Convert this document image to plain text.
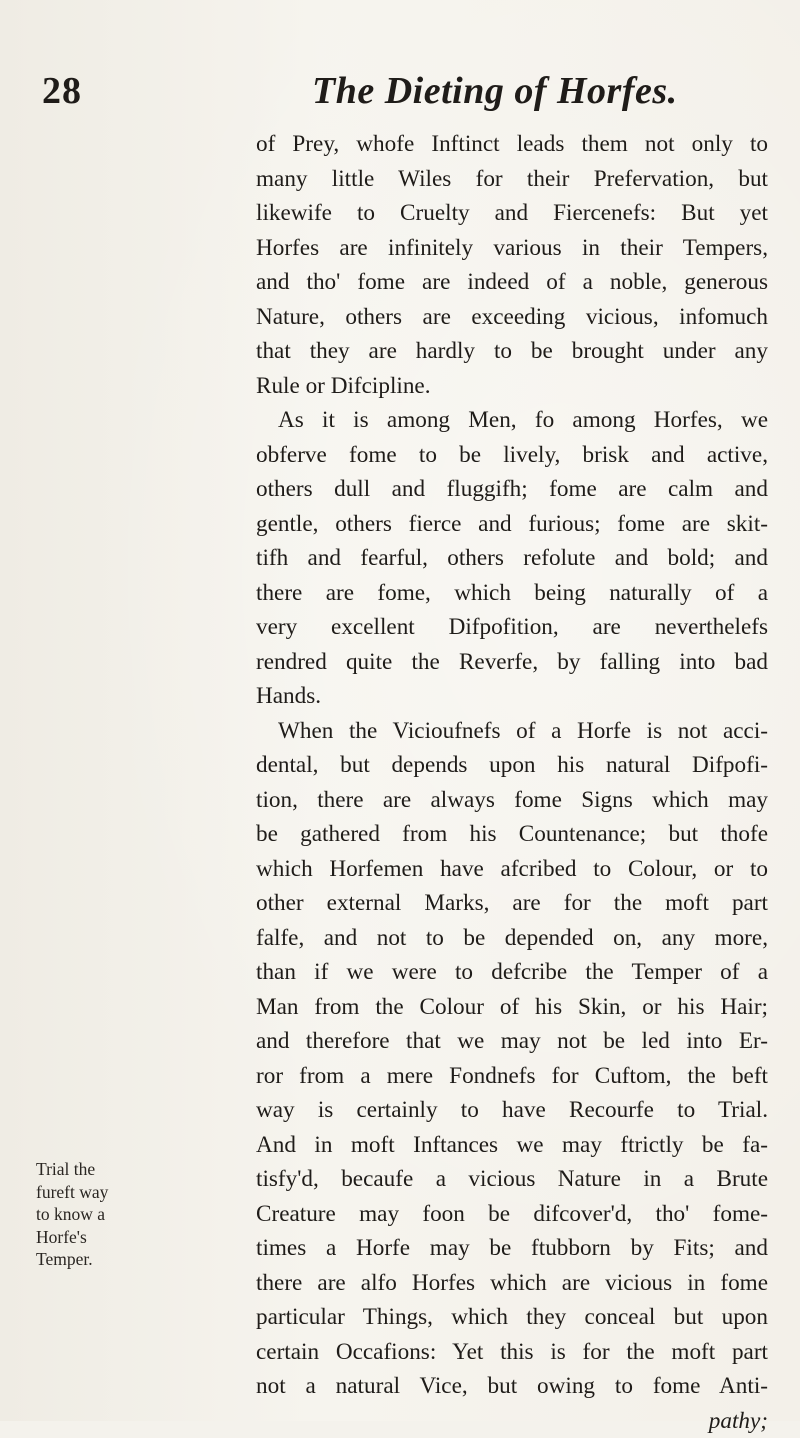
28	The Dieting of Horfes.
of Prey, whofe Inftinct leads them not only to
many little Wiles for their Prefervation, but
likewife to Cruelty and Fiercenefs: But yet
Horfes are infinitely various in their Tempers,
and tho' fome are indeed of a noble, generous
Nature, others are exceeding vicious, infomuch
that they are hardly to be brought under any
Rule or Difcipline.
As it is among Men, fo among Horfes, we
obferve fome to be lively, brisk and active,
others dull and fluggifh; fome are calm and
gentle, others fierce and furious; fome are skit-
tifh and fearful, others refolute and bold; and
there are fome, which being naturally of a
very excellent Difpofition, are neverthelefs
rendred quite the Reverfe, by falling into bad
Hands.
When the Vicioufnefs of a Horfe is not acci-
dental, but depends upon his natural Difpofi-
tion, there are always fome Signs which may
be gathered from his Countenance; but thofe
which Horfemen have afcribed to Colour, or to
other external Marks, are for the moft part
falfe, and not to be depended on, any more,
than if we were to defcribe the Temper of a
Man from the Colour of his Skin, or his Hair;
and therefore that we may not be led into Er-
ror from a mere Fondnefs for Cuftom, the beft
way is certainly to have Recourfe to Trial.
And in moft Inftances we may ftrictly be fa-
tisfy'd, becaufe a vicious Nature in a Brute
Creature may foon be difcover'd, tho' fome-
times a Horfe may be ftubborn by Fits; and
there are alfo Horfes which are vicious in fome
particular Things, which they conceal but upon
certain Occafions: Yet this is for the moft part
not a natural Vice, but owing to fome Anti-
pathy;
Trial the
fureft way
to know a
Horfe's
Temper.
